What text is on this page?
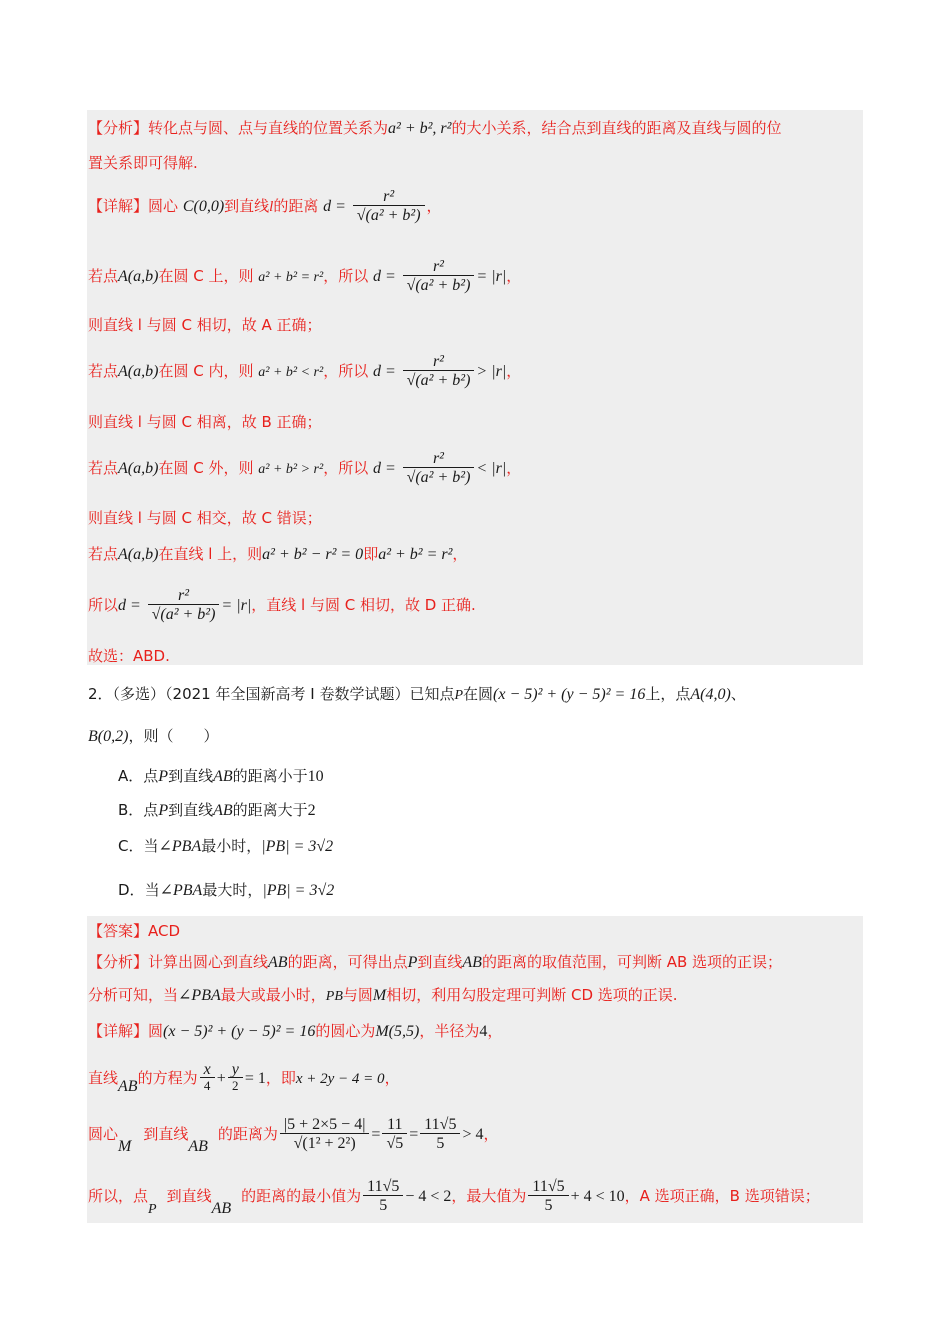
【分析】转化点与圆、点与直线的位置关系为a² + b², r²的大小关系，结合点到直线的距离及直线与圆的位
置关系即可得解.
【详解】圆心 C(0,0)到直线l的距离 $d = \frac{\text{r²}}{\text{√(a² + b²)}}$ ，
若点A(a,b)在圆 C 上，则 a² + b² = r²，所以 $d = \frac{\text{r²}}{\text{√(a² + b²)}} = |r|$，
则直线 l 与圆 C 相切，故 A 正确；
若点A(a,b)在圆 C 内，则 a² + b² < r²，所以 $d = \frac{\text{r²}}{\text{√(a² + b²)}} > |r|$，
则直线 l 与圆 C 相离，故 B 正确；
若点A(a,b)在圆 C 外，则 a² + b² > r²，所以 $d = \frac{\text{r²}}{\text{√(a² + b²)}} < |r|$，
则直线 l 与圆 C 相交，故 C 错误；
若点A(a,b)在直线 l 上，则a² + b² − r² = 0即a² + b² = r²，
所以$d = \frac{\text{r²}}{\text{√(a² + b²)}} = |r|$，直线 l 与圆 C 相切，故 D 正确.
故选：ABD.
2．（多选）（2021 年全国新高考 I 卷数学试题）已知点P在圆(x − 5)² + (y − 5)² = 16上，点A(4,0)、
B(0,2)，则（　　）
A．点P到直线AB的距离小于10
B．点P到直线AB的距离大于2
C．当∠PBA最小时，|PB| = 3√2
D．当∠PBA最大时，|PB| = 3√2
【答案】ACD
【分析】计算出圆心到直线AB的距离，可得出点P到直线AB的距离的取值范围，可判断 AB 选项的正误；
分析可知，当∠PBA最大或最小时，PB与圆M相切，利用勾股定理可判断 CD 选项的正误.
【详解】圆(x − 5)² + (y − 5)² = 16的圆心为M(5,5)，半径为4，
直线AB的方程为 $\frac{x}{4} + \frac{y}{2} = 1$，即x + 2y − 4 = 0，
圆心M到直线AB的距离为 $\frac{|5 + 2\times 5 - 4|}{\text{√(1² + 2²)}} = \frac{11}{√5} = \frac{11√5}{5} > 4$，
所以，点P到直线AB的距离的最小值为 $\frac{11√5}{5} - 4 < 2$，最大值为 $\frac{11√5}{5} + 4 < 10$，A 选项正确，B 选项错误；
